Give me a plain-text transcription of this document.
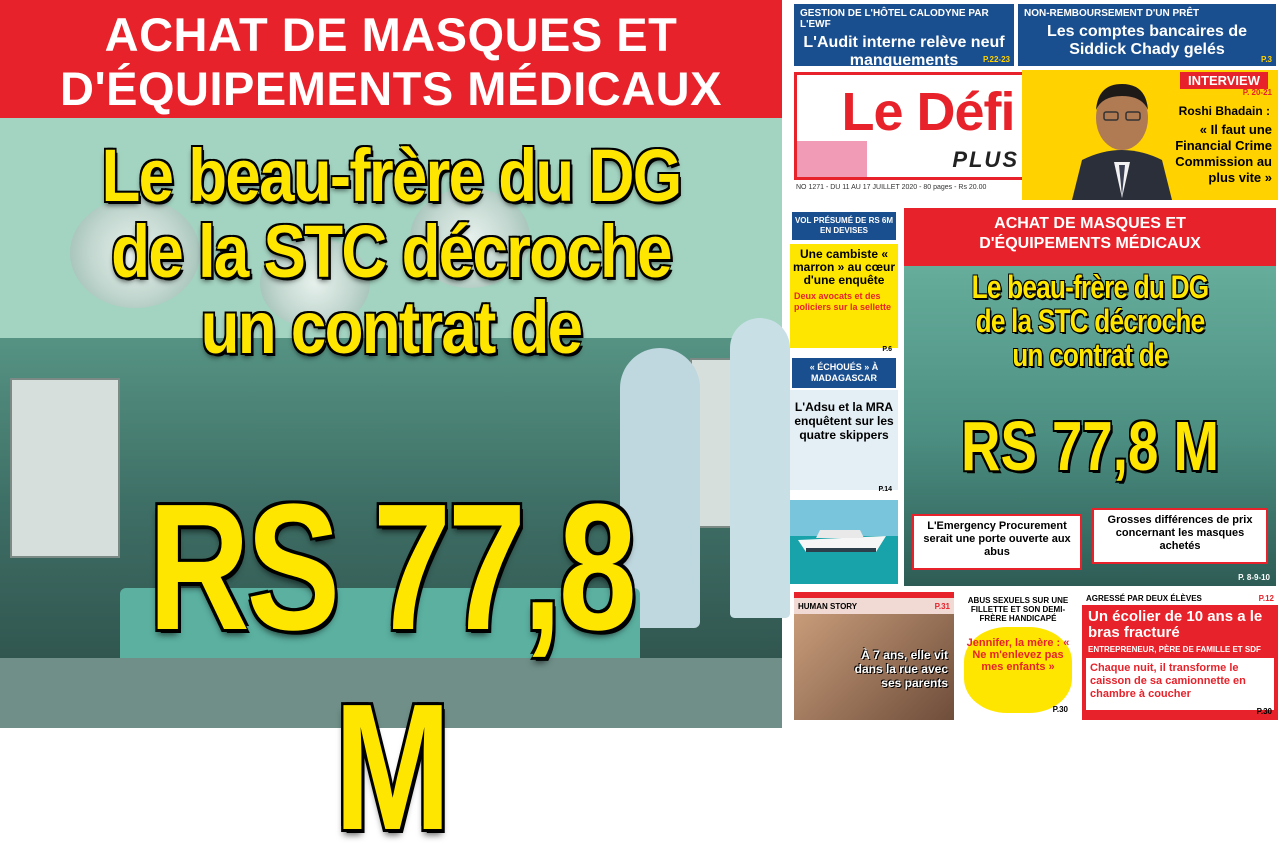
ACHAT DE MASQUES ET
D'ÉQUIPEMENTS MÉDICAUX
Le beau-frère du DG
de la STC décroche
un contrat de
RS 77,8 M
GESTION DE L'HÔTEL CALODYNE PAR L'EWF
L'Audit interne relève neuf manquements	P.22-23
NON-REMBOURSEMENT D'UN PRÊT
Les comptes bancaires de Siddick Chady gelés
P.3
Le Défi
PLUS
NO 1271 - DU 11 AU 17 JUILLET 2020 - 80 pages - Rs 20.00
INTERVIEW
P. 20-21
Roshi Bhadain :
« Il faut une Financial Crime Commission au plus vite »
VOL PRÉSUMÉ DE RS 6M EN DEVISES
Une cambiste « marron » au cœur d'une enquête
Deux avocats et des policiers sur la sellette
P.6
« ÉCHOUÉS » À MADAGASCAR
L'Adsu et la MRA enquêtent sur les quatre skippers
P.14
ACHAT DE MASQUES ET
D'ÉQUIPEMENTS MÉDICAUX
Le beau-frère du DG
de la STC décroche
un contrat de
RS 77,8 M
L'Emergency Procurement serait une porte ouverte aux abus
Grosses différences de prix concernant les masques achetés
P. 8-9-10
HUMAN STORY	P.31
À 7 ans, elle vit dans la rue avec ses parents
ABUS SEXUELS SUR UNE FILLETTE ET SON DEMI-FRÈRE HANDICAPÉ
Jennifer, la mère : « Ne m'enlevez pas mes enfants »
P.30
AGRESSÉ PAR DEUX ÉLÈVES	P.12
Un écolier de 10 ans a le bras fracturé
ENTREPRENEUR, PÈRE DE FAMILLE ET SDF
Chaque nuit, il transforme le caisson de sa camionnette en chambre à coucher
P.30
